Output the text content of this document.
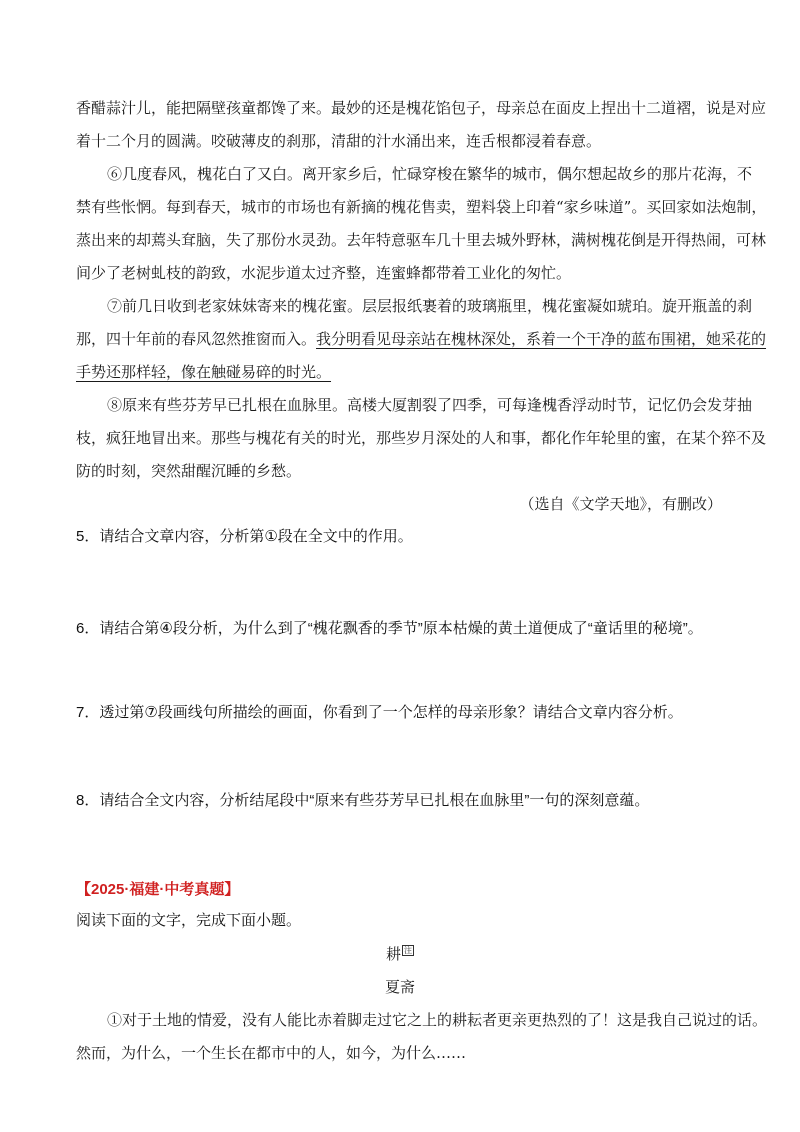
香醋蒜汁儿，能把隔壁孩童都馋了来。最妙的还是槐花馅包子，母亲总在面皮上捏出十二道褶，说是对应
着十二个月的圆满。咬破薄皮的刹那，清甜的汁水涌出来，连舌根都浸着春意。
⑥几度春风，槐花白了又白。离开家乡后，忙碌穿梭在繁华的城市，偶尔想起故乡的那片花海，不
禁有些怅惘。每到春天，城市的市场也有新摘的槐花售卖，塑料袋上印着“家乡味道”。买回家如法炮制，
蒸出来的却蔫头耷脑，失了那份水灵劲。去年特意驱车几十里去城外野林，满树槐花倒是开得热闹，可林
间少了老树虬枝的韵致，水泥步道太过齐整，连蜜蜂都带着工业化的匆忙。
⑦前几日收到老家妹妹寄来的槐花蜜。层层报纸裹着的玻璃瓶里，槐花蜜凝如琥珀。旋开瓶盖的刹
那，四十年前的春风忽然推窗而入。 我分明看见母亲站在槐林深处，系着一个干净的蓝布围裙，她采花的
手势还那样轻，像在触碰易碎的时光。
⑧原来有些芬芳早已扎根在血脉里。高楼大厦割裂了四季，可每逢槐香浮动时节，记忆仍会发芽抽
枝，疯狂地冒出来。那些与槐花有关的时光，那些岁月深处的人和事，都化作年轮里的蜜，在某个猝不及
防的时刻，突然甜醒沉睡的乡愁。
（选自《文学天地》，有删改）
5．请结合文章内容，分析第①段在全文中的作用。
6．请结合第④段分析，为什么到了“槐花飘香的季节”原本枯燥的黄土道便成了“童话里的秘境”。
7．透过第⑦段画线句所描绘的画面，你看到了一个怎样的母亲形象？请结合文章内容分析。
8．请结合全文内容，分析结尾段中“原来有些芬芳早已扎根在血脉里”一句的深刻意蕴。
【2025·福建·中考真题】
阅读下面的文字，完成下面小题。
耕 $^注$
夏斋
①对于土地的情爱，没有人能比赤着脚走过它之上的耕耘者更亲更热烈的了！这是我自己说过的话。
然而，为什么，一个生长在都市中的人，如今，为什么……
